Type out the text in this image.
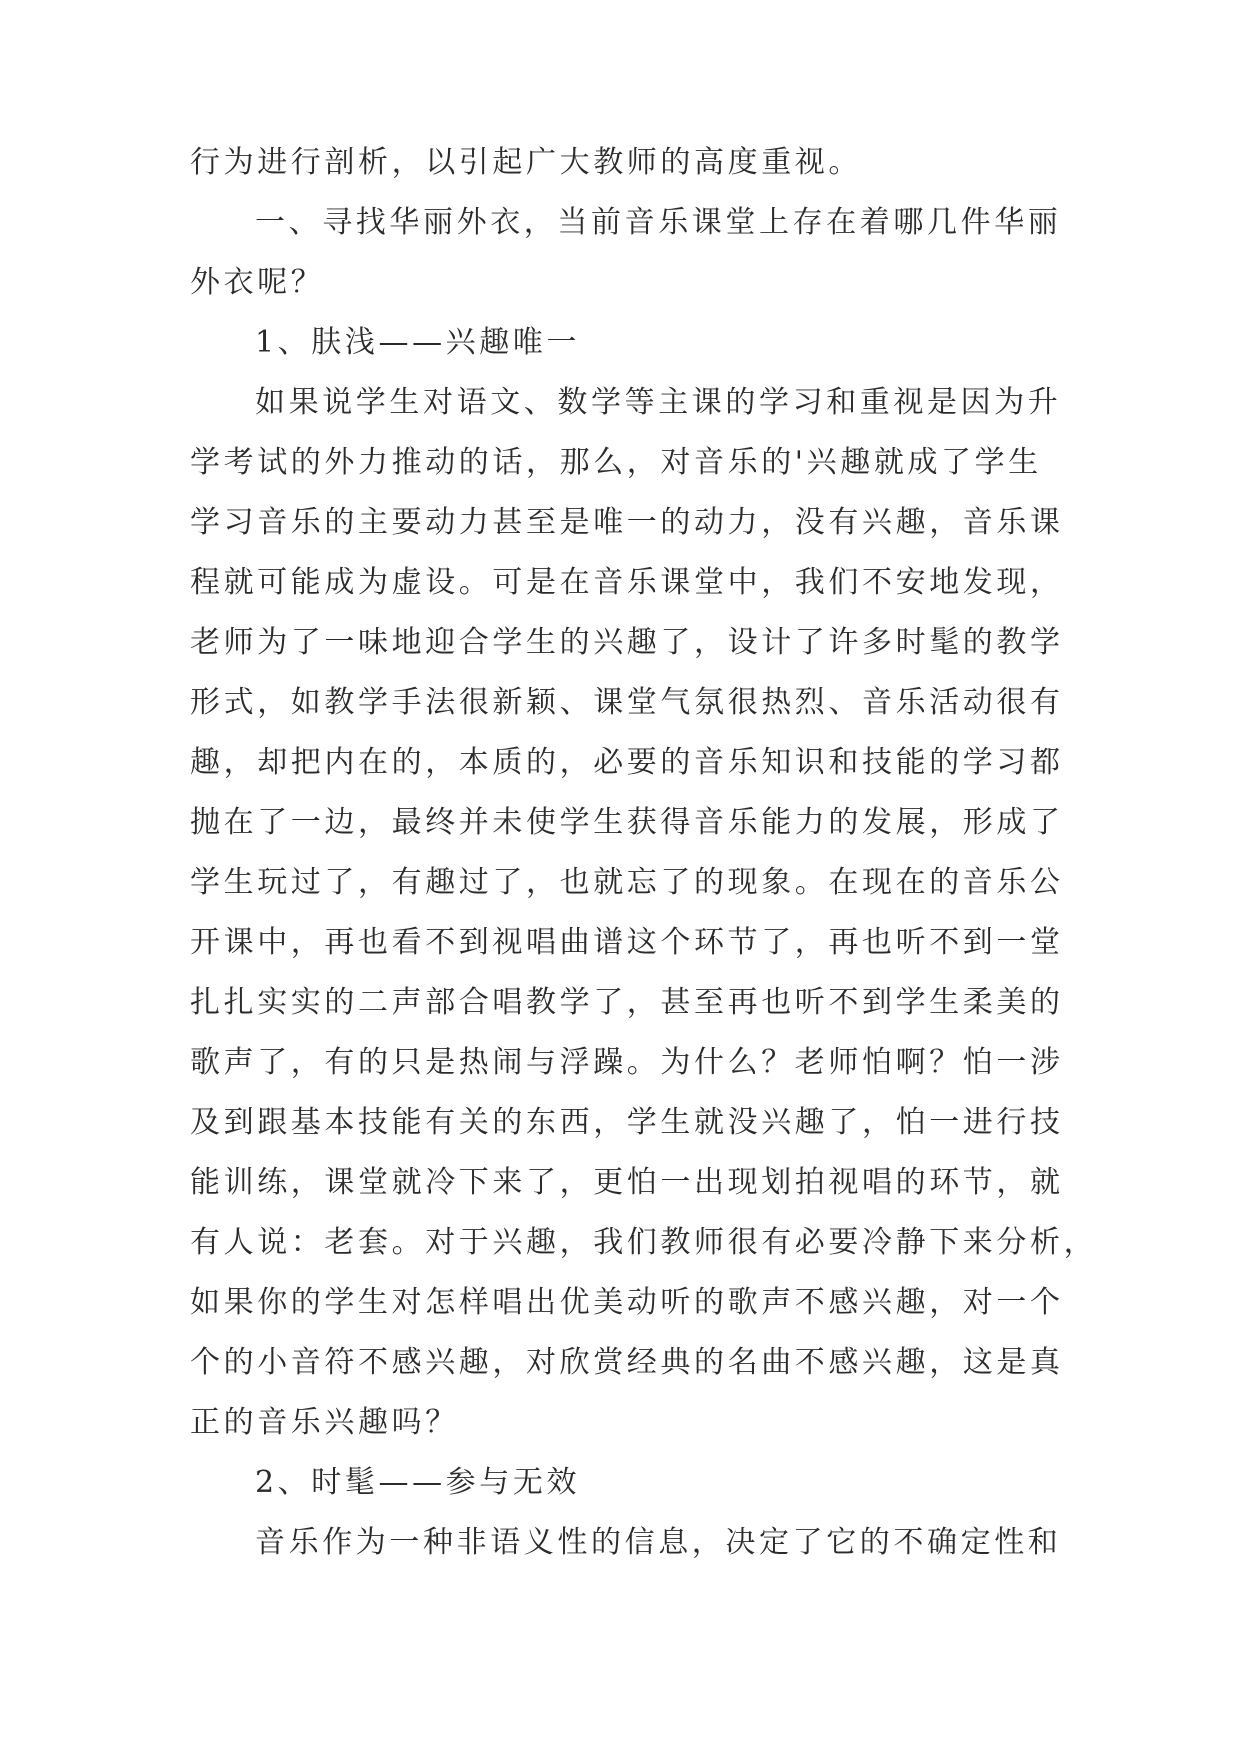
行为进行剖析，以引起广大教师的高度重视。
一、寻找华丽外衣，当前音乐课堂上存在着哪几件华丽
外衣呢？
1、肤浅——兴趣唯一
如果说学生对语文、数学等主课的学习和重视是因为升
学考试的外力推动的话，那么，对音乐的'兴趣就成了学生
学习音乐的主要动力甚至是唯一的动力，没有兴趣，音乐课
程就可能成为虚设。可是在音乐课堂中，我们不安地发现，
老师为了一味地迎合学生的兴趣了，设计了许多时髦的教学
形式，如教学手法很新颖、课堂气氛很热烈、音乐活动很有
趣，却把内在的，本质的，必要的音乐知识和技能的学习都
抛在了一边，最终并未使学生获得音乐能力的发展，形成了
学生玩过了，有趣过了，也就忘了的现象。在现在的音乐公
开课中，再也看不到视唱曲谱这个环节了，再也听不到一堂
扎扎实实的二声部合唱教学了，甚至再也听不到学生柔美的
歌声了，有的只是热闹与浮躁。为什么？老师怕啊？怕一涉
及到跟基本技能有关的东西，学生就没兴趣了，怕一进行技
能训练，课堂就冷下来了，更怕一出现划拍视唱的环节，就
有人说：老套。对于兴趣，我们教师很有必要冷静下来分析，
如果你的学生对怎样唱出优美动听的歌声不感兴趣，对一个
个的小音符不感兴趣，对欣赏经典的名曲不感兴趣，这是真
正的音乐兴趣吗？
2、时髦——参与无效
音乐作为一种非语义性的信息，决定了它的不确定性和
